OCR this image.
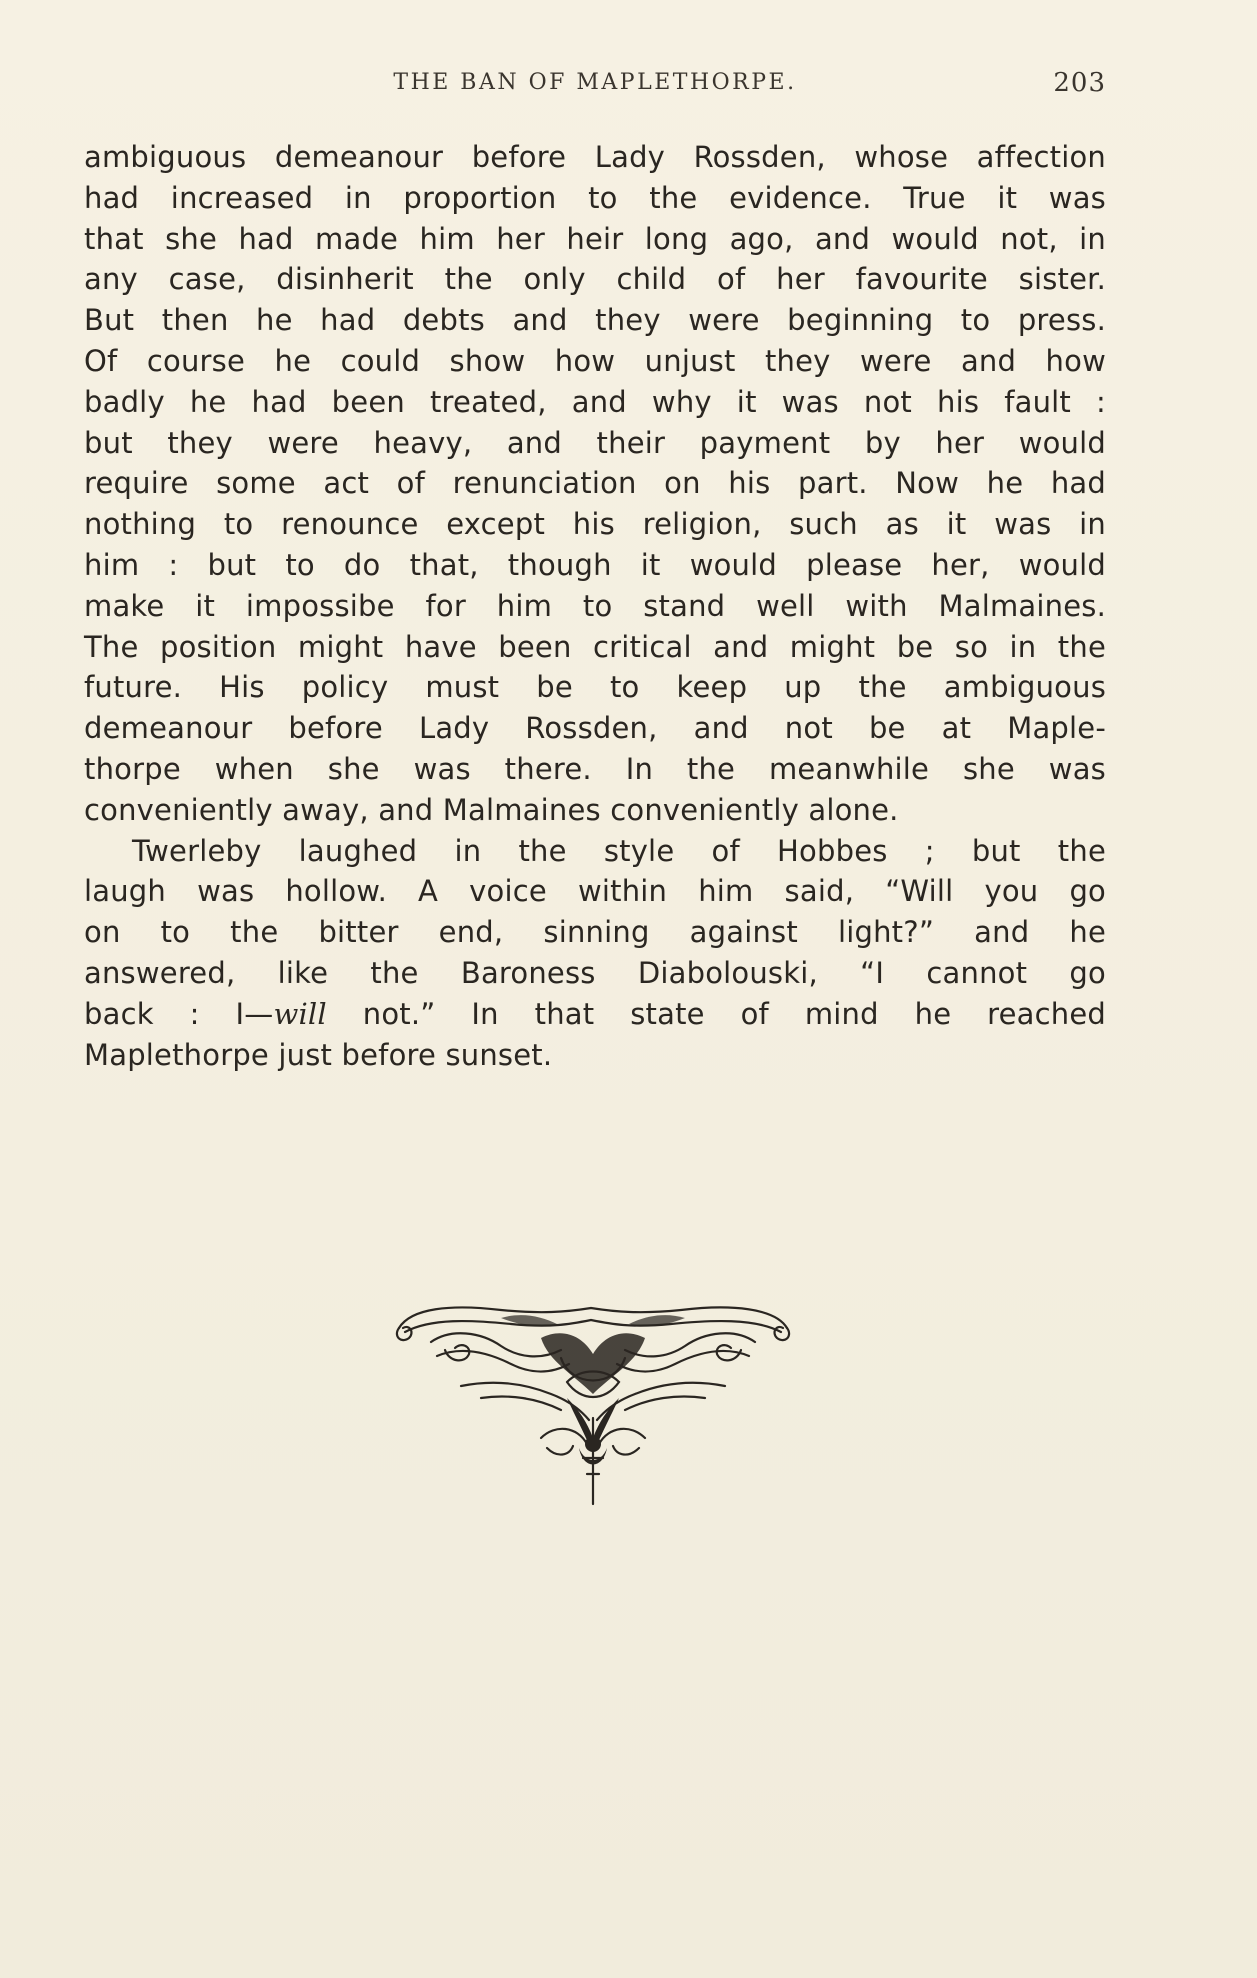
THE BAN OF MAPLETHORPE.	203
ambiguous demeanour before Lady Rossden, whose affection
had increased in proportion to the evidence. True it was
that she had made him her heir long ago, and would not, in
any case, disinherit the only child of her favourite sister.
But then he had debts and they were beginning to press.
Of course he could show how unjust they were and how
badly he had been treated, and why it was not his fault :
but they were heavy, and their payment by her would
require some act of renunciation on his part. Now he had
nothing to renounce except his religion, such as it was in
him : but to do that, though it would please her, would
make it impossibe for him to stand well with Malmaines.
The position might have been critical and might be so in the
future. His policy must be to keep up the ambiguous
demeanour before Lady Rossden, and not be at Maple-
thorpe when she was there. In the meanwhile she was
conveniently away, and Malmaines conveniently alone.
Twerleby laughed in the style of Hobbes ; but the
laugh was hollow. A voice within him said, “Will you go
on to the bitter end, sinning against light?” and he
answered, like the Baroness Diabolouski, “I cannot go
back : I—will not.” In that state of mind he reached
Maplethorpe just before sunset.
